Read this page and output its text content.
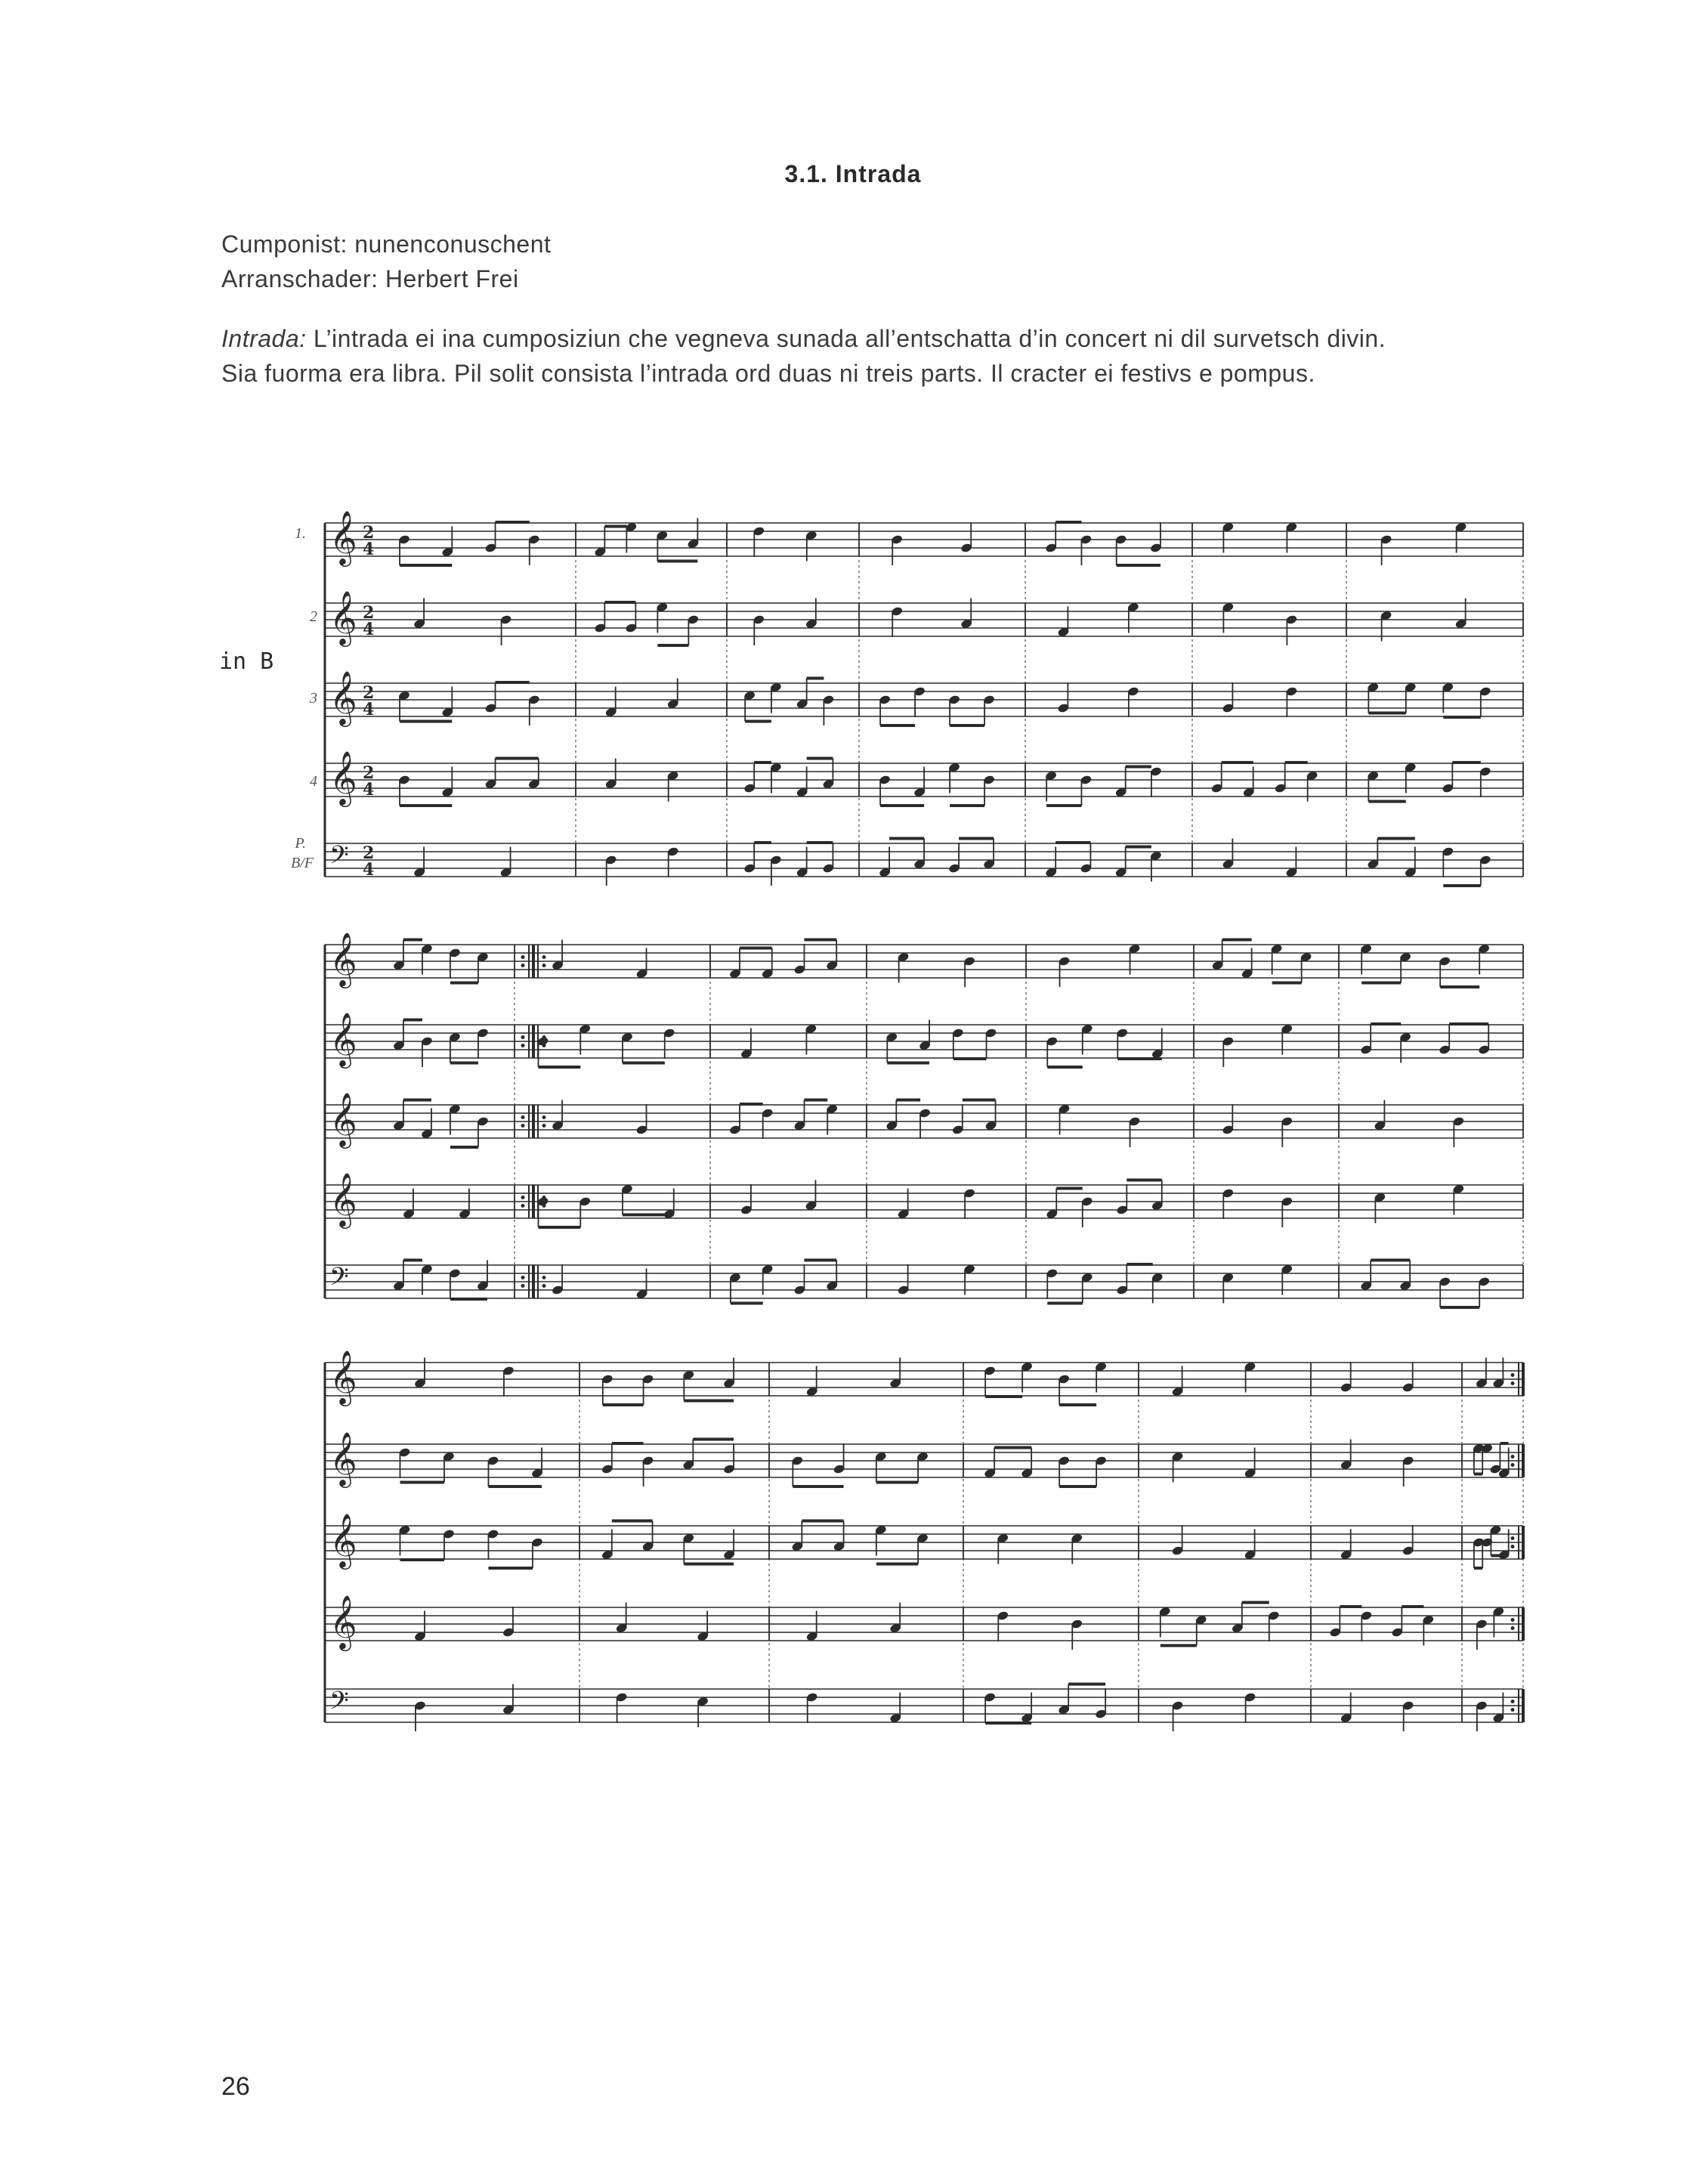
3.1. Intrada
Cumponist: nunenconuschent
Arranschader: Herbert Frei
Intrada: L’intrada ei ina cumposiziun che vegneva sunada all’entschatta d’in concert ni dil survetsch divin.
Sia fuorma era libra. Pil solit consista l’intrada ord duas ni treis parts. Il cracter ei festivs e pompus.
𝄞 2
4
𝄞 2
4
𝄞 2
4
𝄞 2
4
𝄢 2
4
𝄞
𝄞
𝄞
𝄞
𝄢
𝄞
𝄞
𝄞
𝄞
𝄢
in B
1.
2
3
4
P.
B/F
26
